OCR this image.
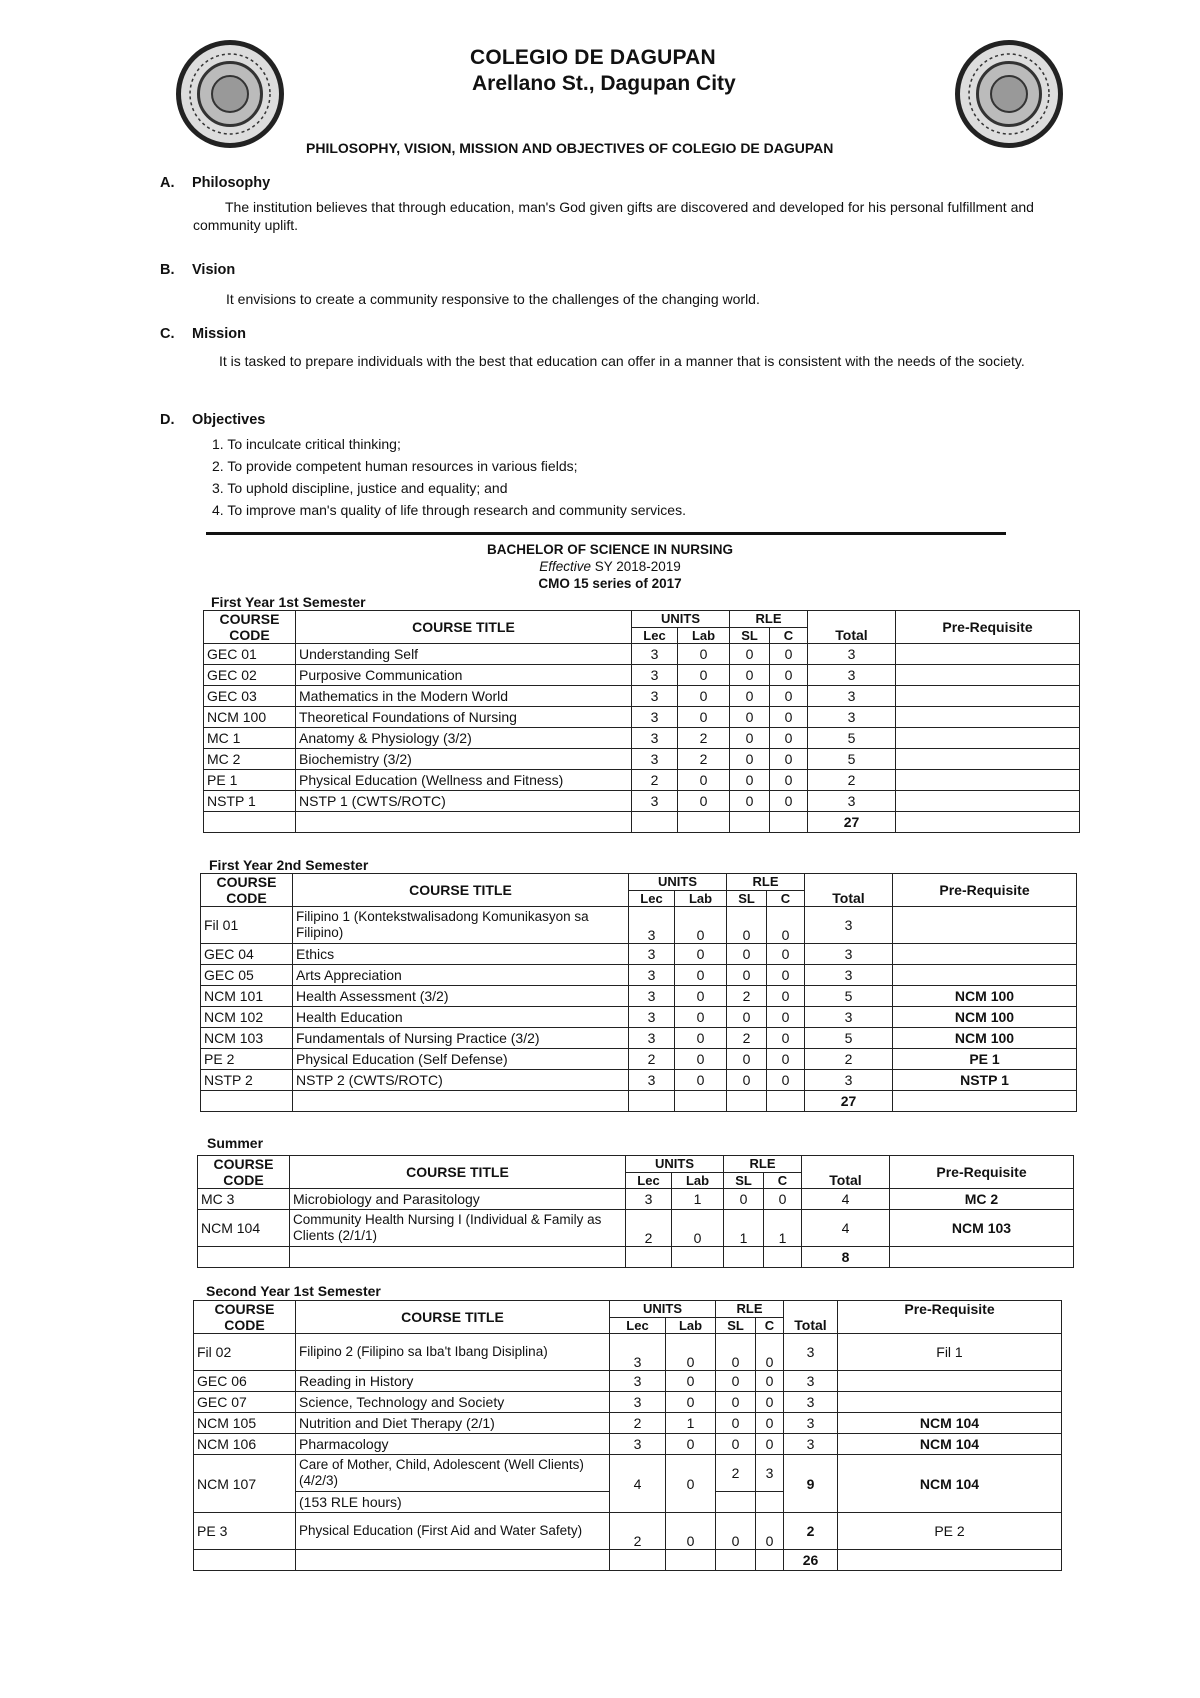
COLEGIO DE DAGUPAN
Arellano St., Dagupan City
PHILOSOPHY, VISION, MISSION AND OBJECTIVES OF COLEGIO DE DAGUPAN
A. Philosophy
The institution believes that through education, man's God given gifts are discovered and developed for his personal fulfillment and community uplift.
B. Vision
It envisions to create a community responsive to the challenges of the changing world.
C. Mission
It is tasked to prepare individuals with the best that education can offer in a manner that is consistent with the needs of the society.
D. Objectives
1. To inculcate critical thinking;
2. To provide competent human resources in various fields;
3. To uphold discipline, justice and equality; and
4. To improve man's quality of life through research and community services.
BACHELOR OF SCIENCE IN NURSING
Effective SY 2018-2019
CMO 15 series of 2017
First Year 1st Semester
COURSE CODE	COURSE TITLE	UNITS		RLE		Total	Pre-Requisite
		Lec	Lab	SL	C		
GEC 01	Understanding Self	3	0	0	0	3	
GEC 02	Purposive Communication	3	0	0	0	3	
GEC 03	Mathematics in the Modern World	3	0	0	0	3	
NCM 100	Theoretical Foundations of Nursing	3	0	0	0	3	
MC 1	Anatomy & Physiology (3/2)	3	2	0	0	5	
MC 2	Biochemistry (3/2)	3	2	0	0	5	
PE 1	Physical Education (Wellness and Fitness)	2	0	0	0	2	
NSTP 1	NSTP 1 (CWTS/ROTC)	3	0	0	0	3	
						27	
First Year 2nd Semester
COURSE CODE	COURSE TITLE	UNITS		RLE		Total	Pre-Requisite
		Lec	Lab	SL	C		
Fil 01	Filipino 1 (Kontekstwalisadong Komunikasyon sa Filipino)	3	0	0	0	3	
GEC 04	Ethics	3	0	0	0	3	
GEC 05	Arts Appreciation	3	0	0	0	3	
NCM 101	Health Assessment (3/2)	3	0	2	0	5	NCM 100
NCM 102	Health Education	3	0	0	0	3	NCM 100
NCM 103	Fundamentals of Nursing Practice (3/2)	3	0	2	0	5	NCM 100
PE 2	Physical Education (Self Defense)	2	0	0	0	2	PE 1
NSTP 2	NSTP 2 (CWTS/ROTC)	3	0	0	0	3	NSTP 1
						27	
Summer
COURSE CODE	COURSE TITLE	UNITS		RLE		Total	Pre-Requisite
		Lec	Lab	SL	C		
MC 3	Microbiology and Parasitology	3	1	0	0	4	MC 2
NCM 104	Community Health Nursing I (Individual & Family as Clients (2/1/1)	2	0	1	1	4	NCM 103
						8	
Second Year 1st Semester
COURSE CODE	COURSE TITLE	UNITS		RLE		Total	Pre-Requisite
		Lec	Lab	SL	C		
Fil 02	Filipino 2 (Filipino sa Iba't Ibang Disiplina)	3	0	0	0	3	Fil 1
GEC 06	Reading in History	3	0	0	0	3	
GEC 07	Science, Technology and Society	3	0	0	0	3	
NCM 105	Nutrition and Diet Therapy (2/1)	2	1	0	0	3	NCM 104
NCM 106	Pharmacology	3	0	0	0	3	NCM 104
NCM 107	Care of Mother, Child, Adolescent (Well Clients) (4/2/3)	4	0	2	3	9	NCM 104
	(153 RLE hours)						
PE 3	Physical Education (First Aid and Water Safety)	2	0	0	0	2	PE 2
						26	
